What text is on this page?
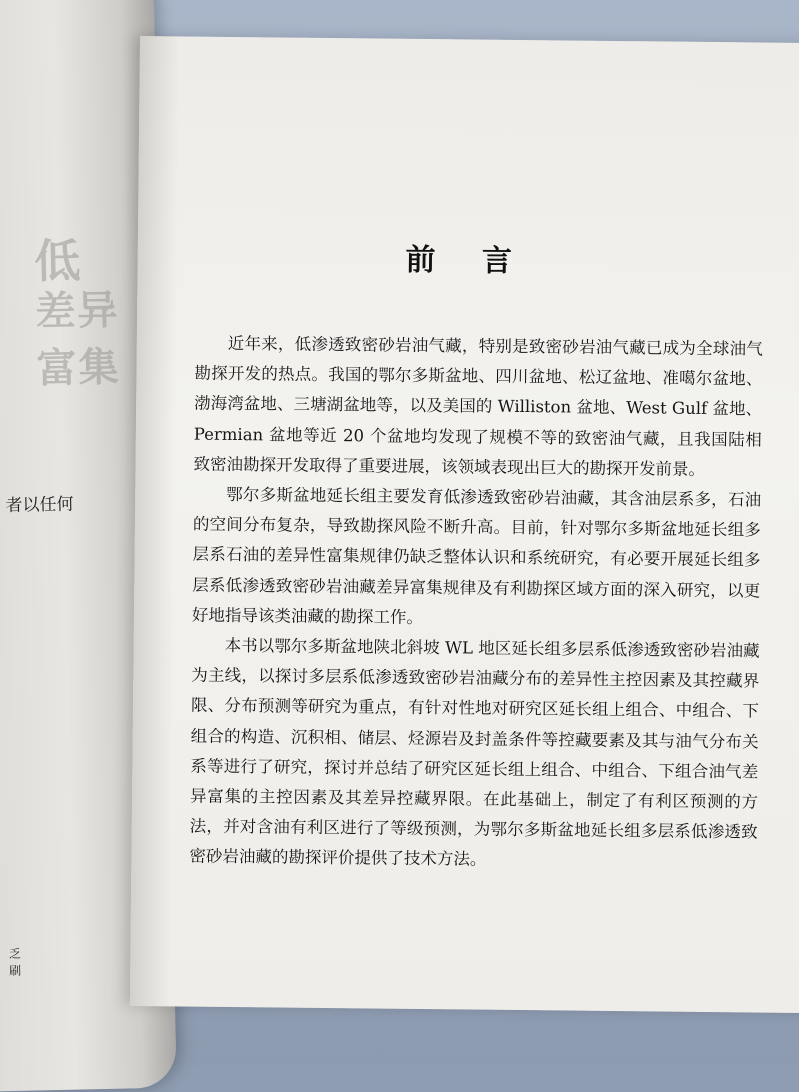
低
差异富集
者以任何
乏
刷
前 言

近年来，低渗透致密砂岩油气藏，特别是致密砂岩油气藏已成为全球油气勘探开发的热点。我国的鄂尔多斯盆地、四川盆地、松辽盆地、准噶尔盆地、渤海湾盆地、三塘湖盆地等，以及美国的 Williston 盆地、West Gulf 盆地、Permian 盆地等近 20 个盆地均发现了规模不等的致密油气藏，且我国陆相致密油勘探开发取得了重要进展，该领域表现出巨大的勘探开发前景。

鄂尔多斯盆地延长组主要发育低渗透致密砂岩油藏，其含油层系多，石油的空间分布复杂，导致勘探风险不断升高。目前，针对鄂尔多斯盆地延长组多层系石油的差异性富集规律仍缺乏整体认识和系统研究，有必要开展延长组多层系低渗透致密砂岩油藏差异富集规律及有利勘探区域方面的深入研究，以更好地指导该类油藏的勘探工作。

本书以鄂尔多斯盆地陕北斜坡 WL 地区延长组多层系低渗透致密砂岩油藏为主线，以探讨多层系低渗透致密砂岩油藏分布的差异性主控因素及其控藏界限、分布预测等研究为重点，有针对性地对研究区延长组上组合、中组合、下组合的构造、沉积相、储层、烃源岩及封盖条件等控藏要素及其与油气分布关系等进行了研究，探讨并总结了研究区延长组上组合、中组合、下组合油气差异富集的主控因素及其差异控藏界限。在此基础上，制定了有利区预测的方法，并对含油有利区进行了等级预测，为鄂尔多斯盆地延长组多层系低渗透致密砂岩油藏的勘探评价提供了技术方法。
